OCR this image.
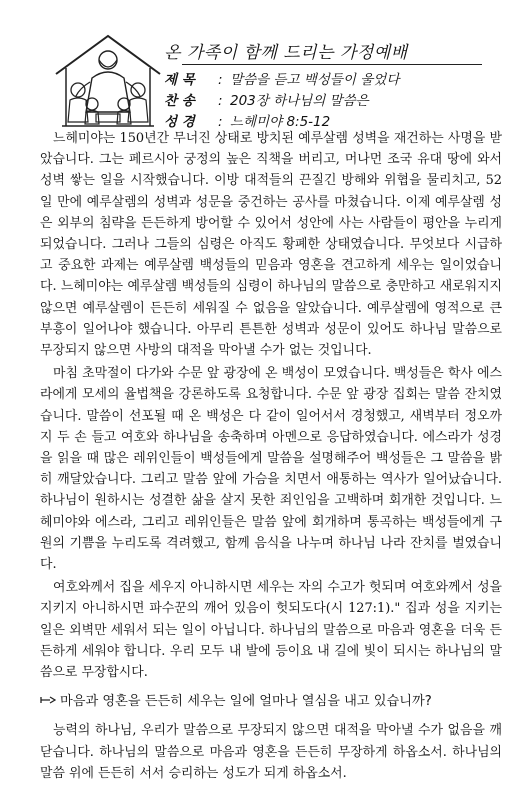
온 가족이 함께 드리는 가정예배
제 목 : 말씀을 듣고 백성들이 울었다
찬 송 : 203장 하나님의 말씀은
성 경 : 느헤미야 8:5-12

느헤미야는 150년간 무너진 상태로 방치된 예루살렘 성벽을 재건하는 사명을 받았습니다. 그는 페르시아 궁정의 높은 직책을 버리고, 머나먼 조국 유대 땅에 와서 성벽 쌓는 일을 시작했습니다. 이방 대적들의 끈질긴 방해와 위협을 물리치고, 52일 만에 예루살렘의 성벽과 성문을 중건하는 공사를 마쳤습니다. 이제 예루살렘 성은 외부의 침략을 든든하게 방어할 수 있어서 성안에 사는 사람들이 평안을 누리게 되었습니다. 그러나 그들의 심령은 아직도 황폐한 상태였습니다. 무엇보다 시급하고 중요한 과제는 예루살렘 백성들의 믿음과 영혼을 견고하게 세우는 일이었습니다. 느헤미야는 예루살렘 백성들의 심령이 하나님의 말씀으로 충만하고 새로워지지 않으면 예루살렘이 든든히 세워질 수 없음을 알았습니다. 예루살렘에 영적으로 큰 부흥이 일어나야 했습니다. 아무리 튼튼한 성벽과 성문이 있어도 하나님 말씀으로 무장되지 않으면 사방의 대적을 막아낼 수가 없는 것입니다.

마침 초막절이 다가와 수문 앞 광장에 온 백성이 모였습니다. 백성들은 학사 에스라에게 모세의 율법책을 강론하도록 요청합니다. 수문 앞 광장 집회는 말씀 잔치였습니다. 말씀이 선포될 때 온 백성은 다 같이 일어서서 경청했고, 새벽부터 정오까지 두 손 들고 여호와 하나님을 송축하며 아멘으로 응답하였습니다. 에스라가 성경을 읽을 때 많은 레위인들이 백성들에게 말씀을 설명해주어 백성들은 그 말씀을 밝히 깨달았습니다. 그리고 말씀 앞에 가슴을 치면서 애통하는 역사가 일어났습니다. 하나님이 원하시는 성결한 삶을 살지 못한 죄인임을 고백하며 회개한 것입니다. 느헤미야와 에스라, 그리고 레위인들은 말씀 앞에 회개하며 통곡하는 백성들에게 구원의 기쁨을 누리도록 격려했고, 함께 음식을 나누며 하나님 나라 잔치를 벌였습니다.

여호와께서 집을 세우지 아니하시면 세우는 자의 수고가 헛되며 여호와께서 성을 지키지 아니하시면 파수꾼의 깨어 있음이 헛되도다(시 127:1)." 집과 성을 지키는 일은 외벽만 세워서 되는 일이 아닙니다. 하나님의 말씀으로 마음과 영혼을 더욱 든든하게 세워야 합니다. 우리 모두 내 발에 등이요 내 길에 빛이 되시는 하나님의 말씀으로 무장합시다.

마음과 영혼을 든든히 세우는 일에 얼마나 열심을 내고 있습니까?

능력의 하나님, 우리가 말씀으로 무장되지 않으면 대적을 막아낼 수가 없음을 깨닫습니다. 하나님의 말씀으로 마음과 영혼을 든든히 무장하게 하옵소서. 하나님의 말씀 위에 든든히 서서 승리하는 성도가 되게 하옵소서.
